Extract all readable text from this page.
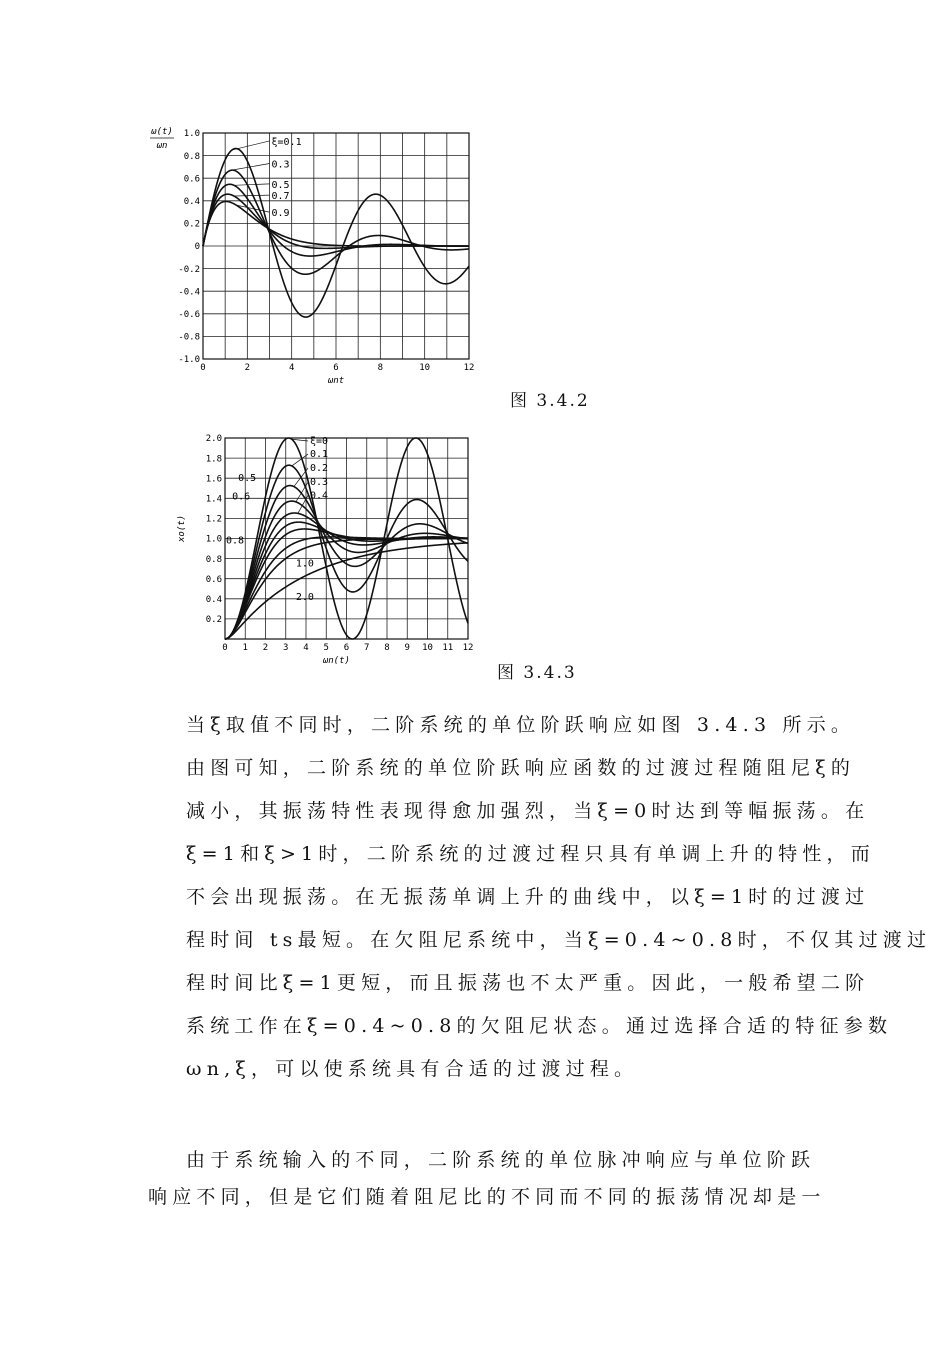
0	2	4	6	8	10	12
1.0
0.8
0.6
0.4
0.2
0
-0.2
-0.4
-0.6
-0.8
-1.0
ω(t)
ωn
ωnt
ξ=0.1
0.3
0.5
0.7
0.9
图 3.4.2
0 1 2 3 4 5 6 7 8 9 10 11 12
2.0
1.8
1.6
1.4
1.2
1.0
0.8
0.6
0.4
0.2
xo(t)
ωn(t)
ξ=0
0.1
0.2
0.3
0.4
0.5
0.6
0.8
1.0
2.0
图 3.4.3
当ξ取值不同时，二阶系统的单位阶跃响应如图 3.4.3 所示。
由图可知，二阶系统的单位阶跃响应函数的过渡过程随阻尼ξ的
减小，其振荡特性表现得愈加强烈，当ξ=0时达到等幅振荡。在
ξ=1和ξ>1时，二阶系统的过渡过程只具有单调上升的特性，而
不会出现振荡。在无振荡单调上升的曲线中，以ξ=1时的过渡过
程时间 ts最短。在欠阻尼系统中，当ξ=0.4~0.8时，不仅其过渡过
程时间比ξ=1更短，而且振荡也不太严重。因此，一般希望二阶
系统工作在ξ=0.4~0.8的欠阻尼状态。通过选择合适的特征参数
ωn,ξ，可以使系统具有合适的过渡过程。
由于系统输入的不同，二阶系统的单位脉冲响应与单位阶跃
响应不同，但是它们随着阻尼比的不同而不同的振荡情况却是一
